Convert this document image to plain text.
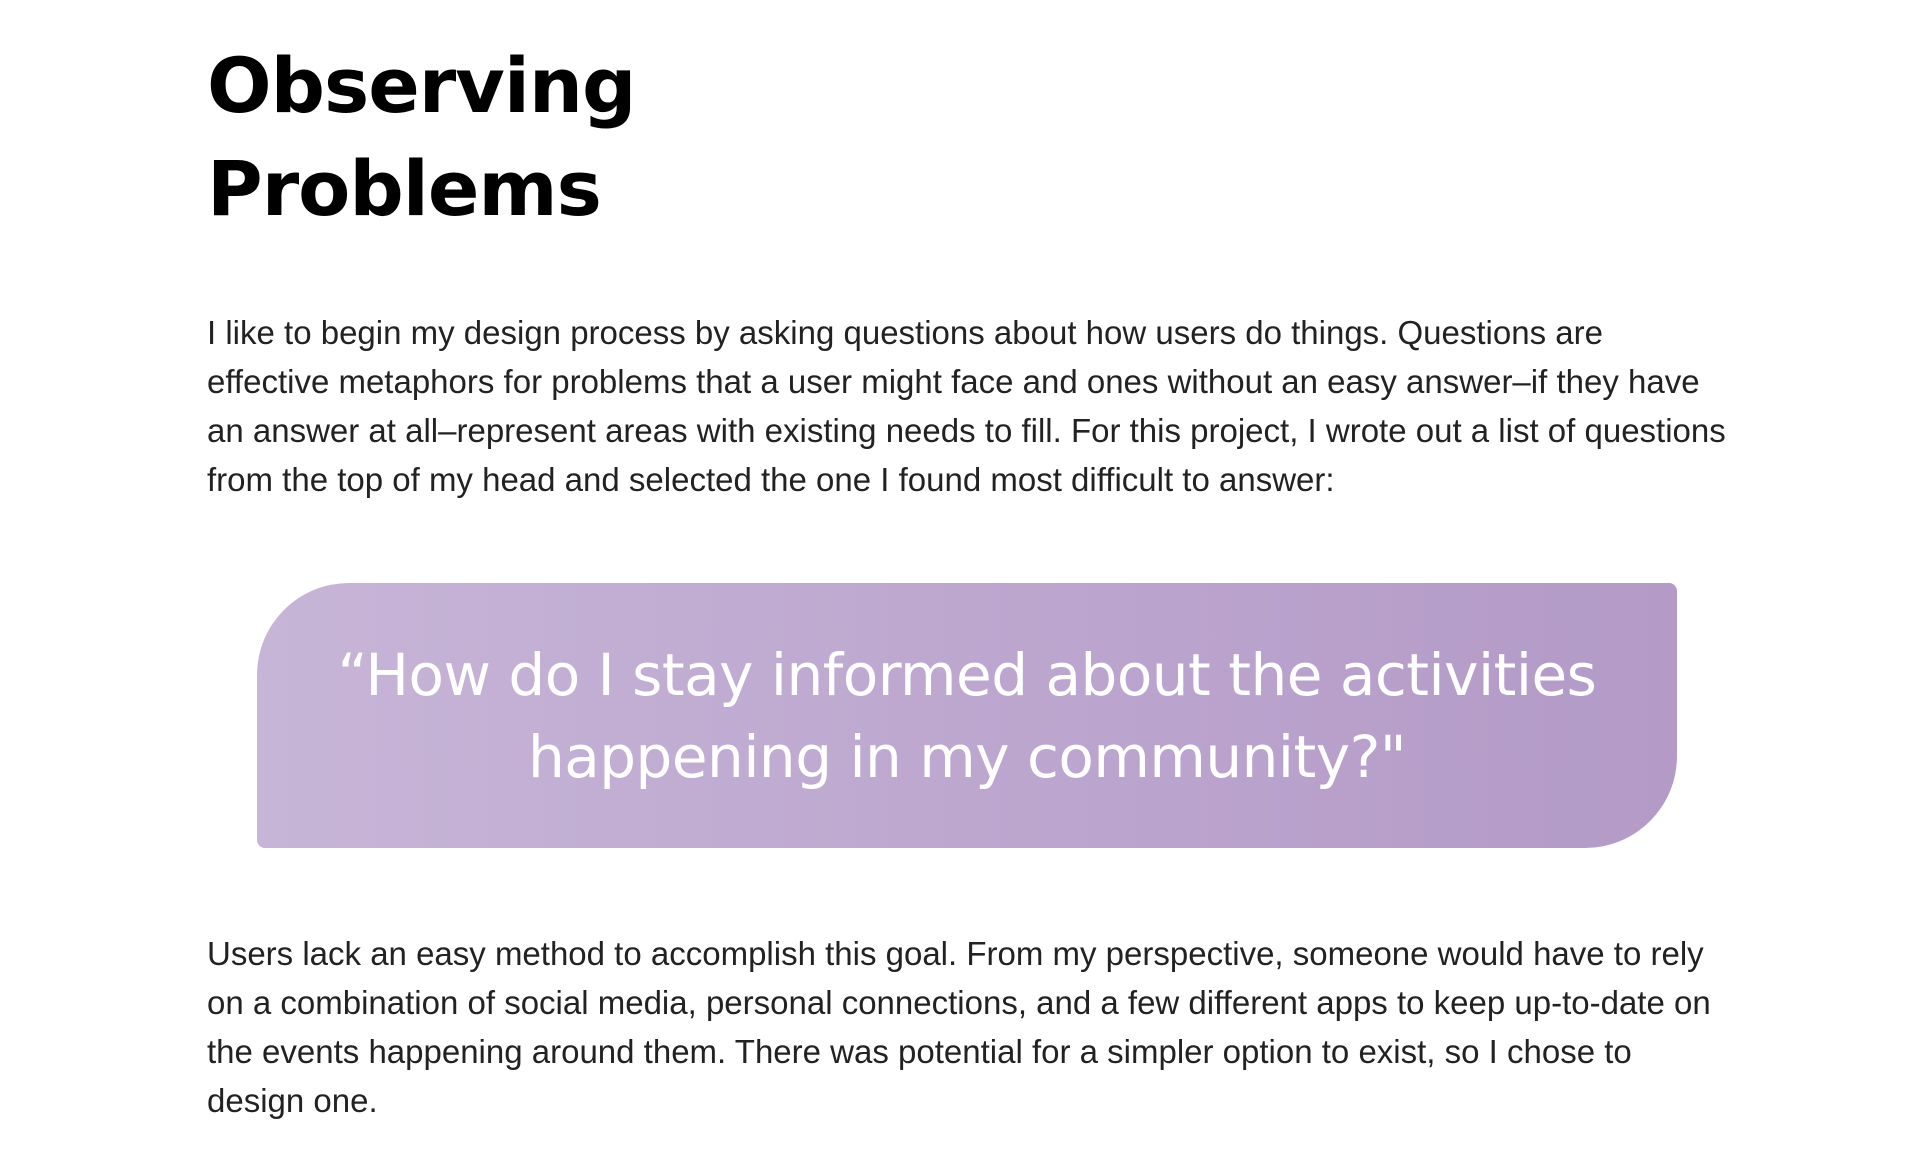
Observing
Problems

I like to begin my design process by asking questions about how users do things. Questions are effective metaphors for problems that a user might face and ones without an easy answer–if they have an answer at all–represent areas with existing needs to fill. For this project, I wrote out a list of questions from the top of my head and selected the one I found most difficult to answer:

“How do I stay informed about the activities happening in my community?"

Users lack an easy method to accomplish this goal. From my perspective, someone would have to rely on a combination of social media, personal connections, and a few different apps to keep up-to-date on the events happening around them. There was potential for a simpler option to exist, so I chose to design one.
